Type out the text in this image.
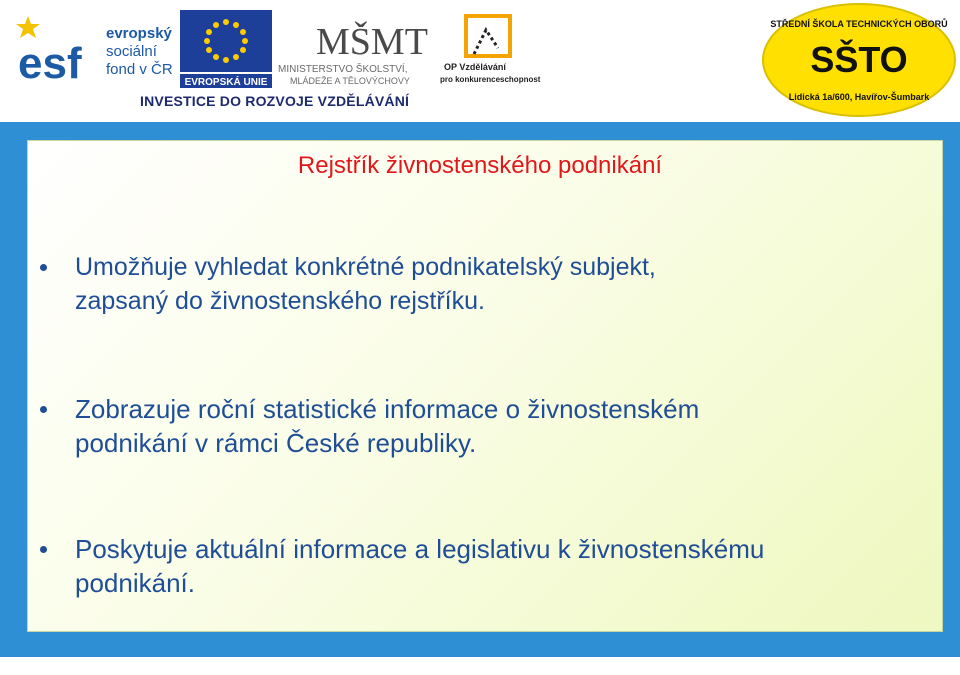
esf
evropský
sociální
fond v ČR
EVROPSKÁ UNIE
MŠMT
MINISTERSTVO ŠKOLSTVÍ,
MLÁDEŽE A TĚLOVÝCHOVY
OP Vzdělávání
pro konkurenceschopnost
INVESTICE DO ROZVOJE VZDĚLÁVÁNÍ
STŘEDNÍ ŠKOLA TECHNICKÝCH OBORŮ
SŠTO
Lidická 1a/600, Havířov-Šumbark
Rejstřík živnostenského podnikání
Umožňuje vyhledat konkrétné podnikatelský subjekt,
zapsaný do živnostenského rejstříku.
Zobrazuje roční statistické informace o živnostenském
podnikání v rámci České republiky.
Poskytuje aktuální informace a legislativu k živnostenskému
podnikání.
